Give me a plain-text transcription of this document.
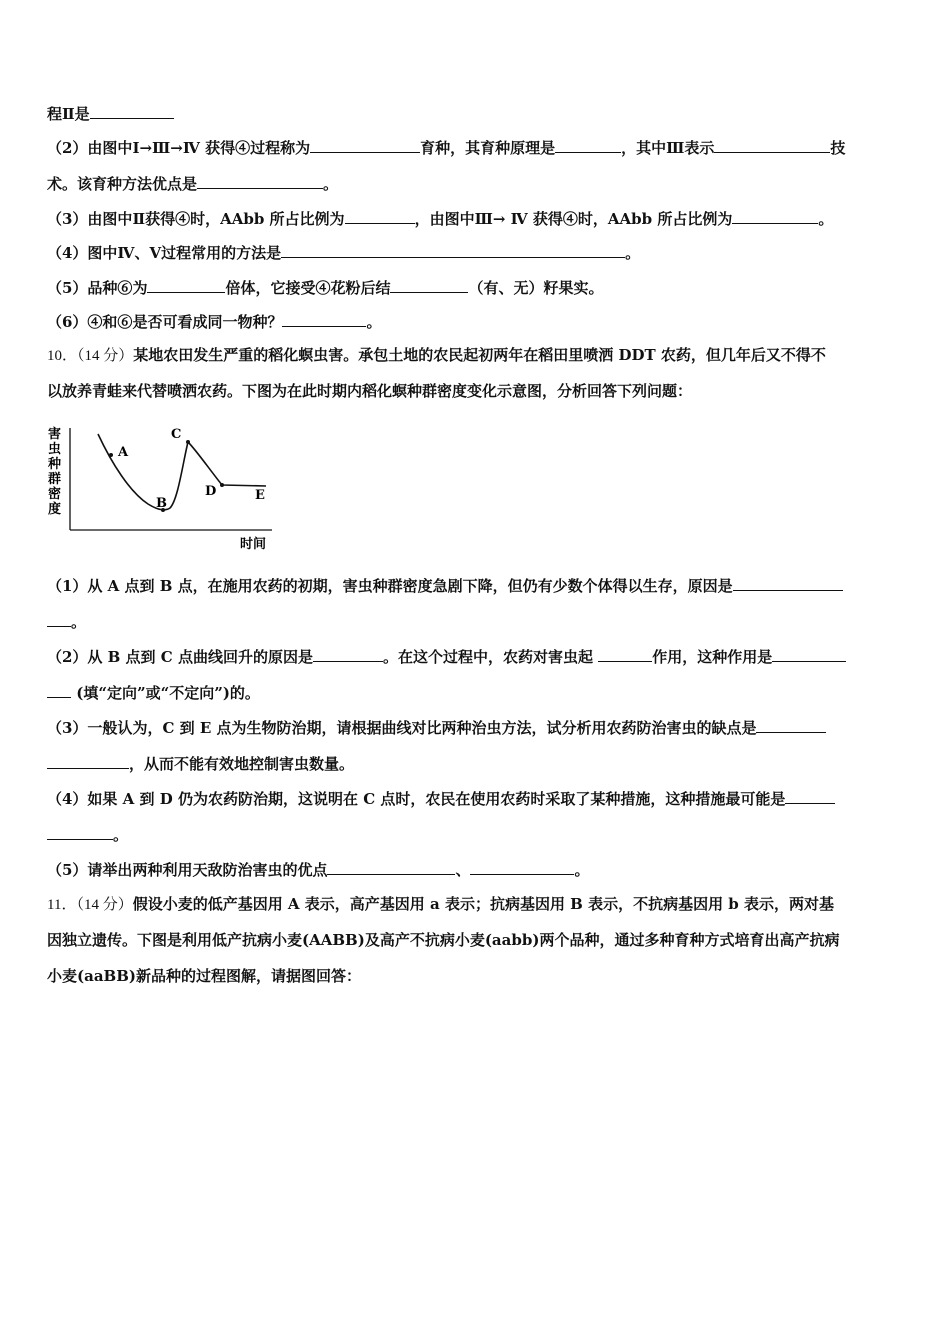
程Ⅱ是
（2）由图中Ⅰ→Ⅲ→Ⅳ 获得④过程称为	育种，其育种原理是	，其中Ⅲ表示	技
术。该育种方法优点是	。
（3）由图中Ⅱ获得④时，AAbb 所占比例为	，由图中Ⅲ→ Ⅳ 获得④时，AAbb 所占比例为	。
（4）图中Ⅳ、Ⅴ过程常用的方法是	。
（5）品种⑥为	倍体，它接受④花粉后结	（有、无）籽果实。
（6）④和⑥是否可看成同一物种？	。
10．（14 分）某地农田发生严重的稻化螟虫害。承包土地的农民起初两年在稻田里喷洒 DDT 农药，但几年后又不得不
以放养青蛙来代替喷洒农药。下图为在此时期内稻化螟种群密度变化示意图，分析回答下列问题：
害
虫
种
群
密
度
时间
A
B
C
D	E
（1）从 A 点到 B 点，在施用农药的初期，害虫种群密度急剧下降，但仍有少数个体得以生存，原因是
。
（2）从 B 点到 C 点曲线回升的原因是	。在这个过程中，农药对害虫起	作用，这种作用是
(填“定向”或“不定向”)的。
（3）一般认为，C 到 E 点为生物防治期，请根据曲线对比两种治虫方法，试分析用农药防治害虫的缺点是
，从而不能有效地控制害虫数量。
（4）如果 A 到 D 仍为农药防治期，这说明在 C 点时，农民在使用农药时采取了某种措施，这种措施最可能是
。
（5）请举出两种利用天敌防治害虫的优点	、	。
11．（14 分）假设小麦的低产基因用 A 表示，高产基因用 a 表示；抗病基因用 B 表示，不抗病基因用 b 表示，两对基
因独立遗传。下图是利用低产抗病小麦(AABB)及高产不抗病小麦(aabb)两个品种，通过多种育种方式培育出高产抗病
小麦(aaBB)新品种的过程图解，请据图回答：
